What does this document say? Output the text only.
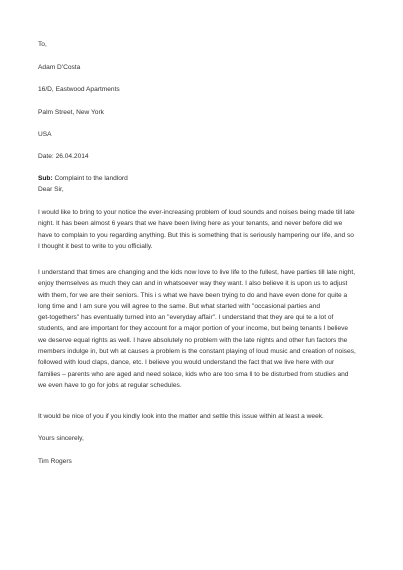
To,
Adam D'Costa
16/D, Eastwood Apartments
Palm Street, New York
USA
Date: 26.04.2014
Sub: Complaint to the landlord
Dear Sir,
I would like to bring to your notice the ever-increasing problem of loud sounds and noises being made till late
night. It has been almost 6 years that we have been living here as your tenants, and never before did we
have to complain to you regarding anything. But this is something that is seriously hampering our life, and so
I thought it best to write to you officially.
I understand that times are changing and the kids now love to live life to the fullest, have parties till late night,
enjoy themselves as much they can and in whatsoever way they want. I also believe it is upon us to adjust
with them, for we are their seniors. This i s what we have been trying to do and have even done for quite a
long time and I am sure you will agree to the same. But what started with "occasional parties and
get-togethers" has eventually turned into an "everyday affair". I understand that they are qui te a lot of
students, and are important for they account for a major portion of your income, but being tenants I believe
we deserve equal rights as well. I have absolutely no problem with the late nights and other fun factors the
members indulge in, but wh at causes a problem is the constant playing of loud music and creation of noises,
followed with loud claps, dance, etc. I believe you would understand the fact that we live here with our
families – parents who are aged and need solace, kids who are too sma ll to be disturbed from studies and
we even have to go for jobs at regular schedules.
It would be nice of you if you kindly look into the matter and settle this issue within at least a week.
Yours sincerely,
Tim Rogers
